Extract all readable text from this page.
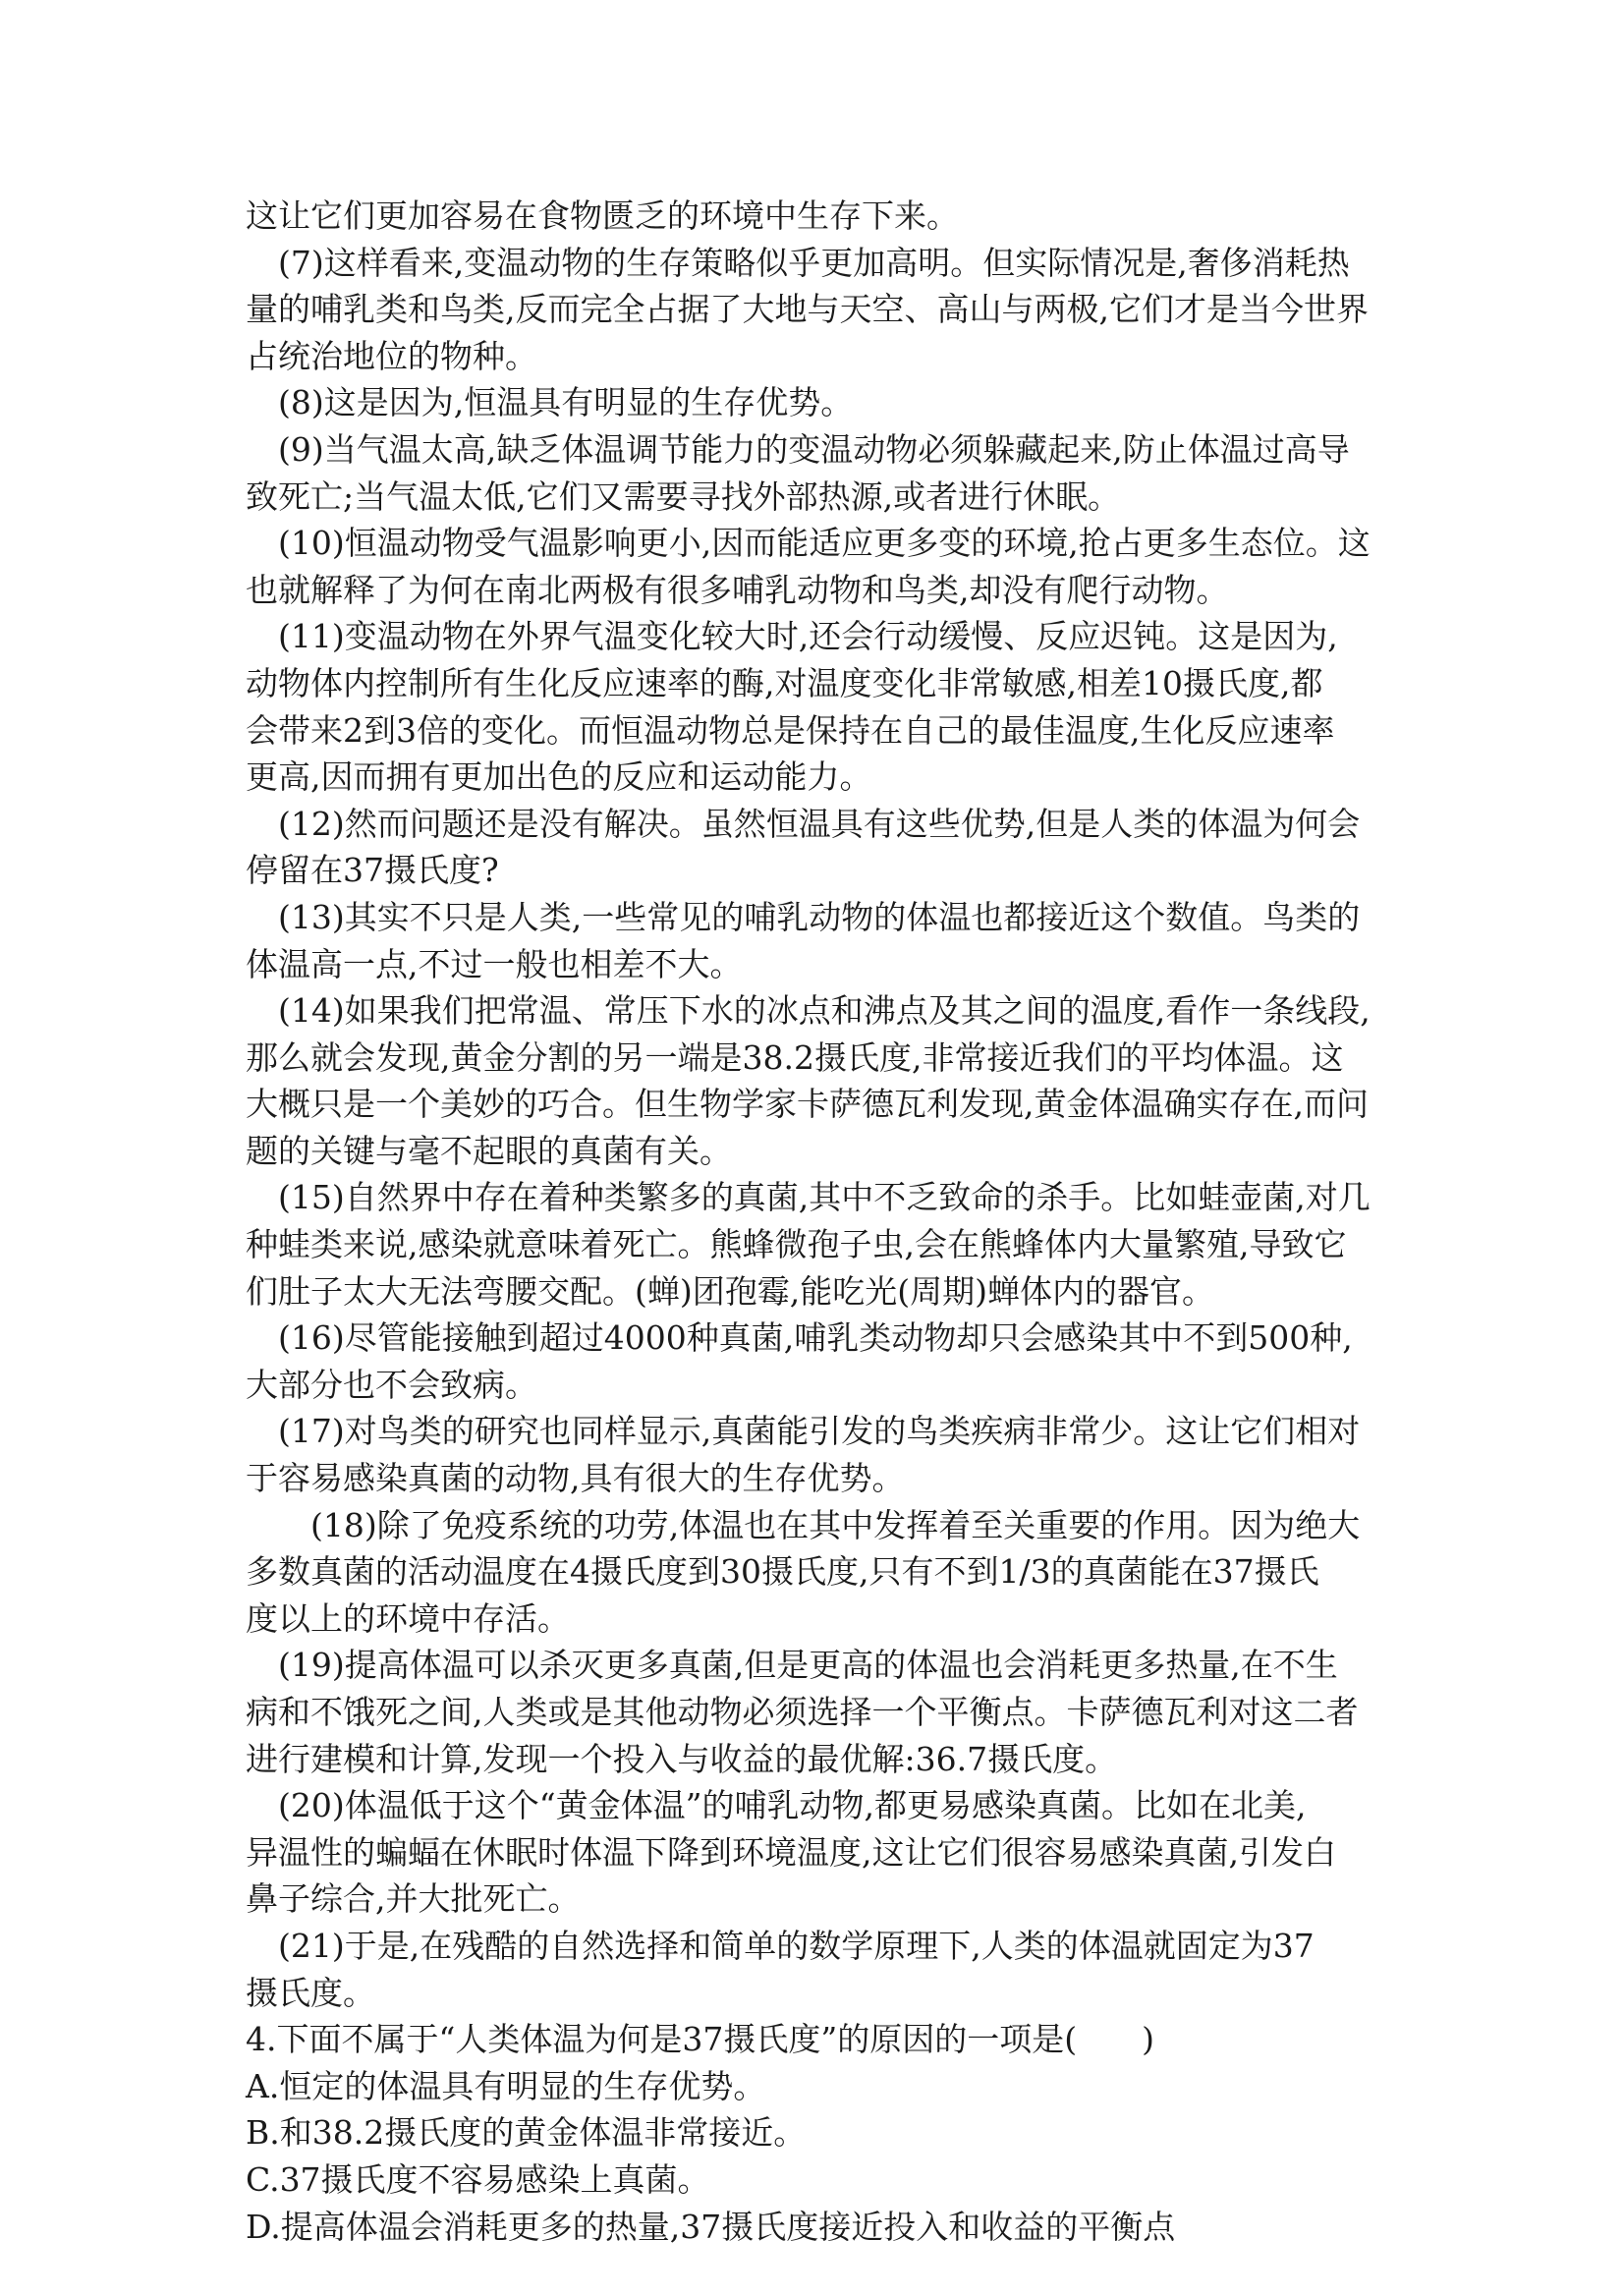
这让它们更加容易在食物匮乏的环境中生存下来。
(7)这样看来,变温动物的生存策略似乎更加高明。但实际情况是,奢侈消耗热
量的哺乳类和鸟类,反而完全占据了大地与天空、高山与两极,它们才是当今世界
占统治地位的物种。
(8)这是因为,恒温具有明显的生存优势。
(9)当气温太高,缺乏体温调节能力的变温动物必须躲藏起来,防止体温过高导
致死亡;当气温太低,它们又需要寻找外部热源,或者进行休眠。
(10)恒温动物受气温影响更小,因而能适应更多变的环境,抢占更多生态位。这
也就解释了为何在南北两极有很多哺乳动物和鸟类,却没有爬行动物。
(11)变温动物在外界气温变化较大时,还会行动缓慢、反应迟钝。这是因为,
动物体内控制所有生化反应速率的酶,对温度变化非常敏感,相差10摄氏度,都
会带来2到3倍的变化。而恒温动物总是保持在自己的最佳温度,生化反应速率
更高,因而拥有更加出色的反应和运动能力。
(12)然而问题还是没有解决。虽然恒温具有这些优势,但是人类的体温为何会
停留在37摄氏度?
(13)其实不只是人类,一些常见的哺乳动物的体温也都接近这个数值。鸟类的
体温高一点,不过一般也相差不大。
(14)如果我们把常温、常压下水的冰点和沸点及其之间的温度,看作一条线段,
那么就会发现,黄金分割的另一端是38.2摄氏度,非常接近我们的平均体温。这
大概只是一个美妙的巧合。但生物学家卡萨德瓦利发现,黄金体温确实存在,而问
题的关键与毫不起眼的真菌有关。
(15)自然界中存在着种类繁多的真菌,其中不乏致命的杀手。比如蛙壶菌,对几
种蛙类来说,感染就意味着死亡。熊蜂微孢子虫,会在熊蜂体内大量繁殖,导致它
们肚子太大无法弯腰交配。(蝉)团孢霉,能吃光(周期)蝉体内的器官。
(16)尽管能接触到超过4000种真菌,哺乳类动物却只会感染其中不到500种,
大部分也不会致病。
(17)对鸟类的研究也同样显示,真菌能引发的鸟类疾病非常少。这让它们相对
于容易感染真菌的动物,具有很大的生存优势。
(18)除了免疫系统的功劳,体温也在其中发挥着至关重要的作用。因为绝大
多数真菌的活动温度在4摄氏度到30摄氏度,只有不到1/3的真菌能在37摄氏
度以上的环境中存活。
(19)提高体温可以杀灭更多真菌,但是更高的体温也会消耗更多热量,在不生
病和不饿死之间,人类或是其他动物必须选择一个平衡点。卡萨德瓦利对这二者
进行建模和计算,发现一个投入与收益的最优解:36.7摄氏度。
(20)体温低于这个“黄金体温”的哺乳动物,都更易感染真菌。比如在北美,
异温性的蝙蝠在休眠时体温下降到环境温度,这让它们很容易感染真菌,引发白
鼻子综合,并大批死亡。
(21)于是,在残酷的自然选择和简单的数学原理下,人类的体温就固定为37
摄氏度。
4.下面不属于“人类体温为何是37摄氏度”的原因的一项是(　　)
A.恒定的体温具有明显的生存优势。
B.和38.2摄氏度的黄金体温非常接近。
C.37摄氏度不容易感染上真菌。
D.提高体温会消耗更多的热量,37摄氏度接近投入和收益的平衡点
